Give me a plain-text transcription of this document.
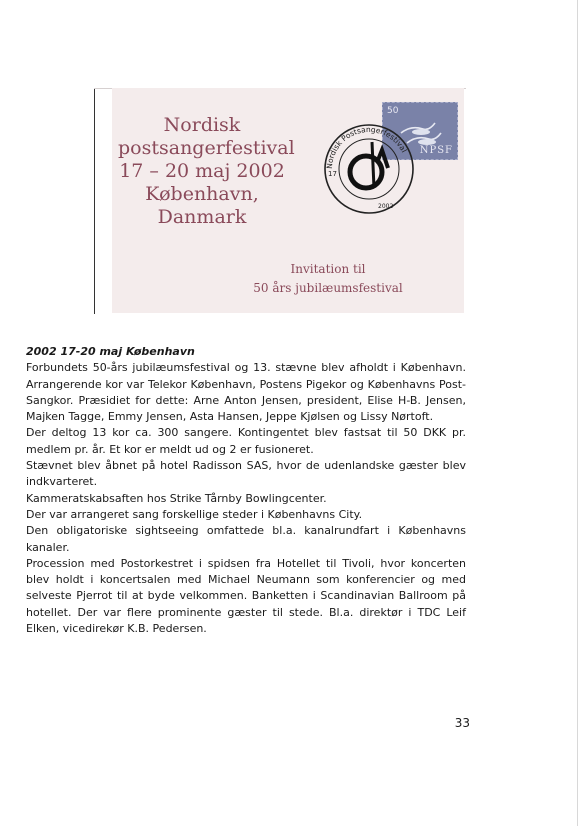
Nordisk
postsangerfestival
17 – 20 maj 2002
København,
Danmark
50
NPSF
Nordisk Postsangerfestival
2002
17
Invitation til
50 års jubilæumsfestival
2002 17-20 maj København
Forbundets 50-års jubilæumsfestival og 13. stævne blev afholdt i København. Arrangerende kor var Telekor København, Postens Pigekor og Københavns Post-Sangkor. Præsidiet for dette: Arne Anton Jensen, president, Elise H-B. Jensen, Majken Tagge, Emmy Jensen, Asta Hansen, Jeppe Kjølsen og Lissy Nørtoft.
Der deltog 13 kor ca. 300 sangere. Kontingentet blev fastsat til 50 DKK pr. medlem pr. år. Et kor er meldt ud og 2 er fusioneret.
Stævnet blev åbnet på hotel Radisson SAS, hvor de udenlandske gæster blev indkvarteret.
Kammeratskabsaften hos Strike Tårnby Bowlingcenter.
Der var arrangeret sang forskellige steder i Københavns City.
Den obligatoriske sightseeing omfattede bl.a. kanalrundfart i Københavns kanaler.
Procession med Postorkestret i spidsen fra Hotellet til Tivoli, hvor koncerten blev holdt i koncertsalen med Michael Neumann som konferencier og med selveste Pjerrot til at byde velkommen. Banketten i Scandinavian Ballroom på hotellet. Der var flere prominente gæster til stede. Bl.a. direktør i TDC Leif Elken, vicedirekør K.B. Pedersen.
33
